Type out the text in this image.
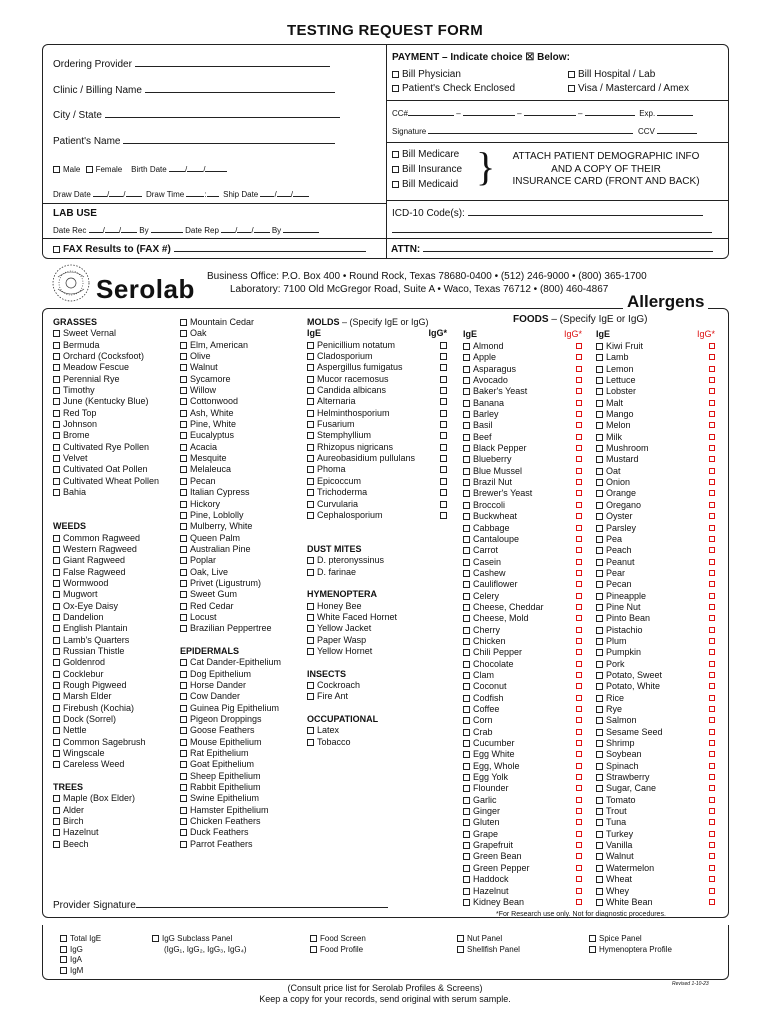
TESTING REQUEST FORM
Ordering Provider
Clinic / Billing Name
City / State
Patient's Name
Male Female Birth Date / /
Draw Date / /	Draw Time	: Ship Date / /
LAB USE
Date Rec / / By	Date Rep / / By
FAX Results to (FAX #)	ATTN:
PAYMENT – Indicate choice ☒ Below:
Bill Physician	Bill Hospital / Lab
Patient's Check Enclosed	Visa / Mastercard / Amex
CC#	–	–	–	Exp.
Signature	CCV
Bill Medicare
Bill Insurance
Bill Medicaid }	ATTACH PATIENT DEMOGRAPHIC INFO
AND A COPY OF THEIR
INSURANCE CARD (FRONT AND BACK)
ICD-10 Code(s):
Serolab Business Office: P.O. Box 400 • Round Rock, Texas 78680-0400 • (512) 246-9000 • (800) 365-1700
Laboratory: 7100 Old McGregor Road, Suite A • Waco, Texas 76712 • (800) 460-4867
Allergens
GRASSES
Sweet Vernal
Bermuda
Orchard (Cocksfoot)
Meadow Fescue
Perennial Rye
Timothy
June (Kentucky Blue)
Red Top
Johnson
Brome
Cultivated Rye Pollen
Velvet
Cultivated Oat Pollen
Cultivated Wheat Pollen
Bahia
WEEDS
Common Ragweed
Western Ragweed
Giant Ragweed
False Ragweed
Wormwood
Mugwort
Ox-Eye Daisy
Dandelion
English Plantain
Lamb's Quarters
Russian Thistle
Goldenrod
Cocklebur
Rough Pigweed
Marsh Elder
Firebush (Kochia)
Dock (Sorrel)
Nettle
Common Sagebrush
Wingscale
Careless Weed
TREES
Maple (Box Elder)
Alder
Birch
Hazelnut
Beech
Mountain Cedar
Oak
Elm, American
Olive
Walnut
Sycamore
Willow
Cottonwood
Ash, White
Pine, White
Eucalyptus
Acacia
Mesquite
Melaleuca
Pecan
Italian Cypress
Hickory
Pine, Loblolly
Mulberry, White
Queen Palm
Australian Pine
Poplar
Oak, Live
Privet (Ligustrum)
Sweet Gum
Red Cedar
Locust
Brazilian Peppertree
EPIDERMALS
Cat Dander-Epithelium
Dog Epithelium
Horse Dander
Cow Dander
Guinea Pig Epithelium
Pigeon Droppings
Goose Feathers
Mouse Epithelium
Rat Epithelium
Goat Epithelium
Sheep Epithelium
Rabbit Epithelium
Swine Epithelium
Hamster Epithelium
Chicken Feathers
Duck Feathers
Parrot Feathers
MOLDS – (Specify IgE or IgG)
IgE	IgG*
Penicillium notatum
Cladosporium
Aspergillus fumigatus
Mucor racemosus
Candida albicans
Alternaria
Helminthosporium
Fusarium
Stemphyllium
Rhizopus nigricans
Aureobasidium pullulans
Phoma
Epicoccum
Trichoderma
Curvularia
Cephalosporium
DUST MITES
D. pteronyssinus
D. farinae
HYMENOPTERA
Honey Bee
White Faced Hornet
Yellow Jacket
Paper Wasp
Yellow Hornet
INSECTS
Cockroach
Fire Ant
OCCUPATIONAL
Latex
Tobacco
FOODS – (Specify IgE or IgG)
IgE	IgG* IgE	IgG*
Almond
Apple
Asparagus
Avocado
Baker's Yeast
Banana
Barley
Basil
Beef
Black Pepper
Blueberry
Blue Mussel
Brazil Nut
Brewer's Yeast
Broccoli
Buckwheat
Cabbage
Cantaloupe
Carrot
Casein
Cashew
Cauliflower
Celery
Cheese, Cheddar
Cheese, Mold
Cherry
Chicken
Chili Pepper
Chocolate
Clam
Coconut
Codfish
Coffee
Corn
Crab
Cucumber
Egg White
Egg, Whole
Egg Yolk
Flounder
Garlic
Ginger
Gluten
Grape
Grapefruit
Green Bean
Green Pepper
Haddock
Hazelnut
Kidney Bean
Kiwi Fruit
Lamb
Lemon
Lettuce
Lobster
Malt
Mango
Melon
Milk
Mushroom
Mustard
Oat
Onion
Orange
Oregano
Oyster
Parsley
Pea
Peach
Peanut
Pear
Pecan
Pineapple
Pine Nut
Pinto Bean
Pistachio
Plum
Pumpkin
Pork
Potato, Sweet
Potato, White
Rice
Rye
Salmon
Sesame Seed
Shrimp
Soybean
Spinach
Strawberry
Sugar, Cane
Tomato
Trout
Tuna
Turkey
Vanilla
Walnut
Watermelon
Wheat
Whey
White Bean
*For Research use only. Not for diagnostic procedures.
Provider Signature
Total IgE
IgG
IgA
IgM
IgG Subclass Panel
(IgG₁, IgG₂, IgG₃, IgG₄)
Food Screen
Food Profile
Nut Panel
Shellfish Panel
Spice Panel
Hymenoptera Profile
Revised 1-10-23
(Consult price list for Serolab Profiles & Screens)
Keep a copy for your records, send original with serum sample.
